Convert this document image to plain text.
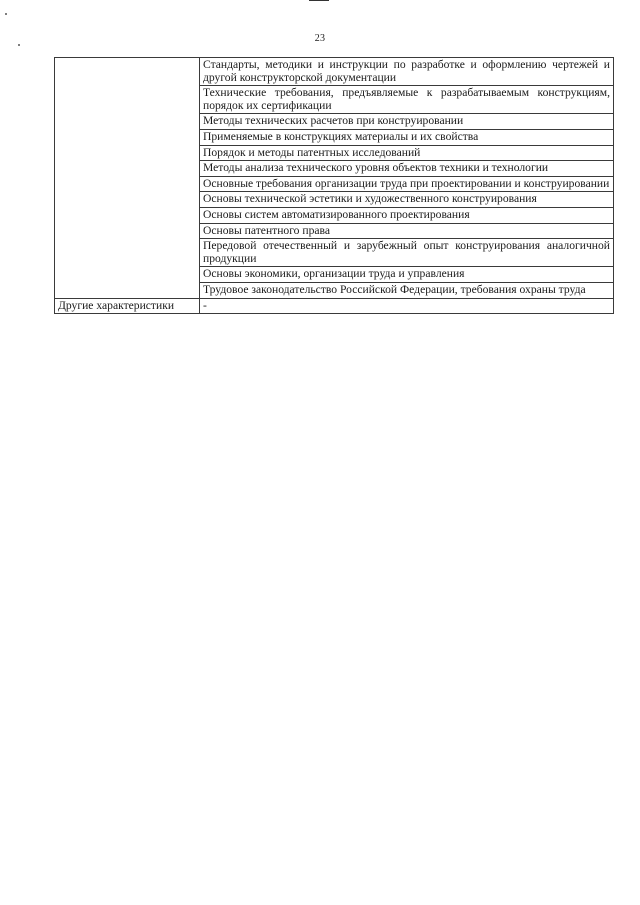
23
	Стандарты, методики и инструкции по разработке и оформлению чертежей и другой конструкторской документации
	Технические требования, предъявляемые к разрабатываемым конструкциям, порядок их сертификации
	Методы технических расчетов при конструировании
	Применяемые в конструкциях материалы и их свойства
	Порядок и методы патентных исследований
	Методы анализа технического уровня объектов техники и технологии
	Основные требования организации труда при проектировании и конструировании
	Основы технической эстетики и художественного конструирования
	Основы систем автоматизированного проектирования
	Основы патентного права
	Передовой отечественный и зарубежный опыт конструирования аналогичной продукции
	Основы экономики, организации труда и управления
	Трудовое законодательство Российской Федерации, требования охраны труда
Другие характеристики	-
